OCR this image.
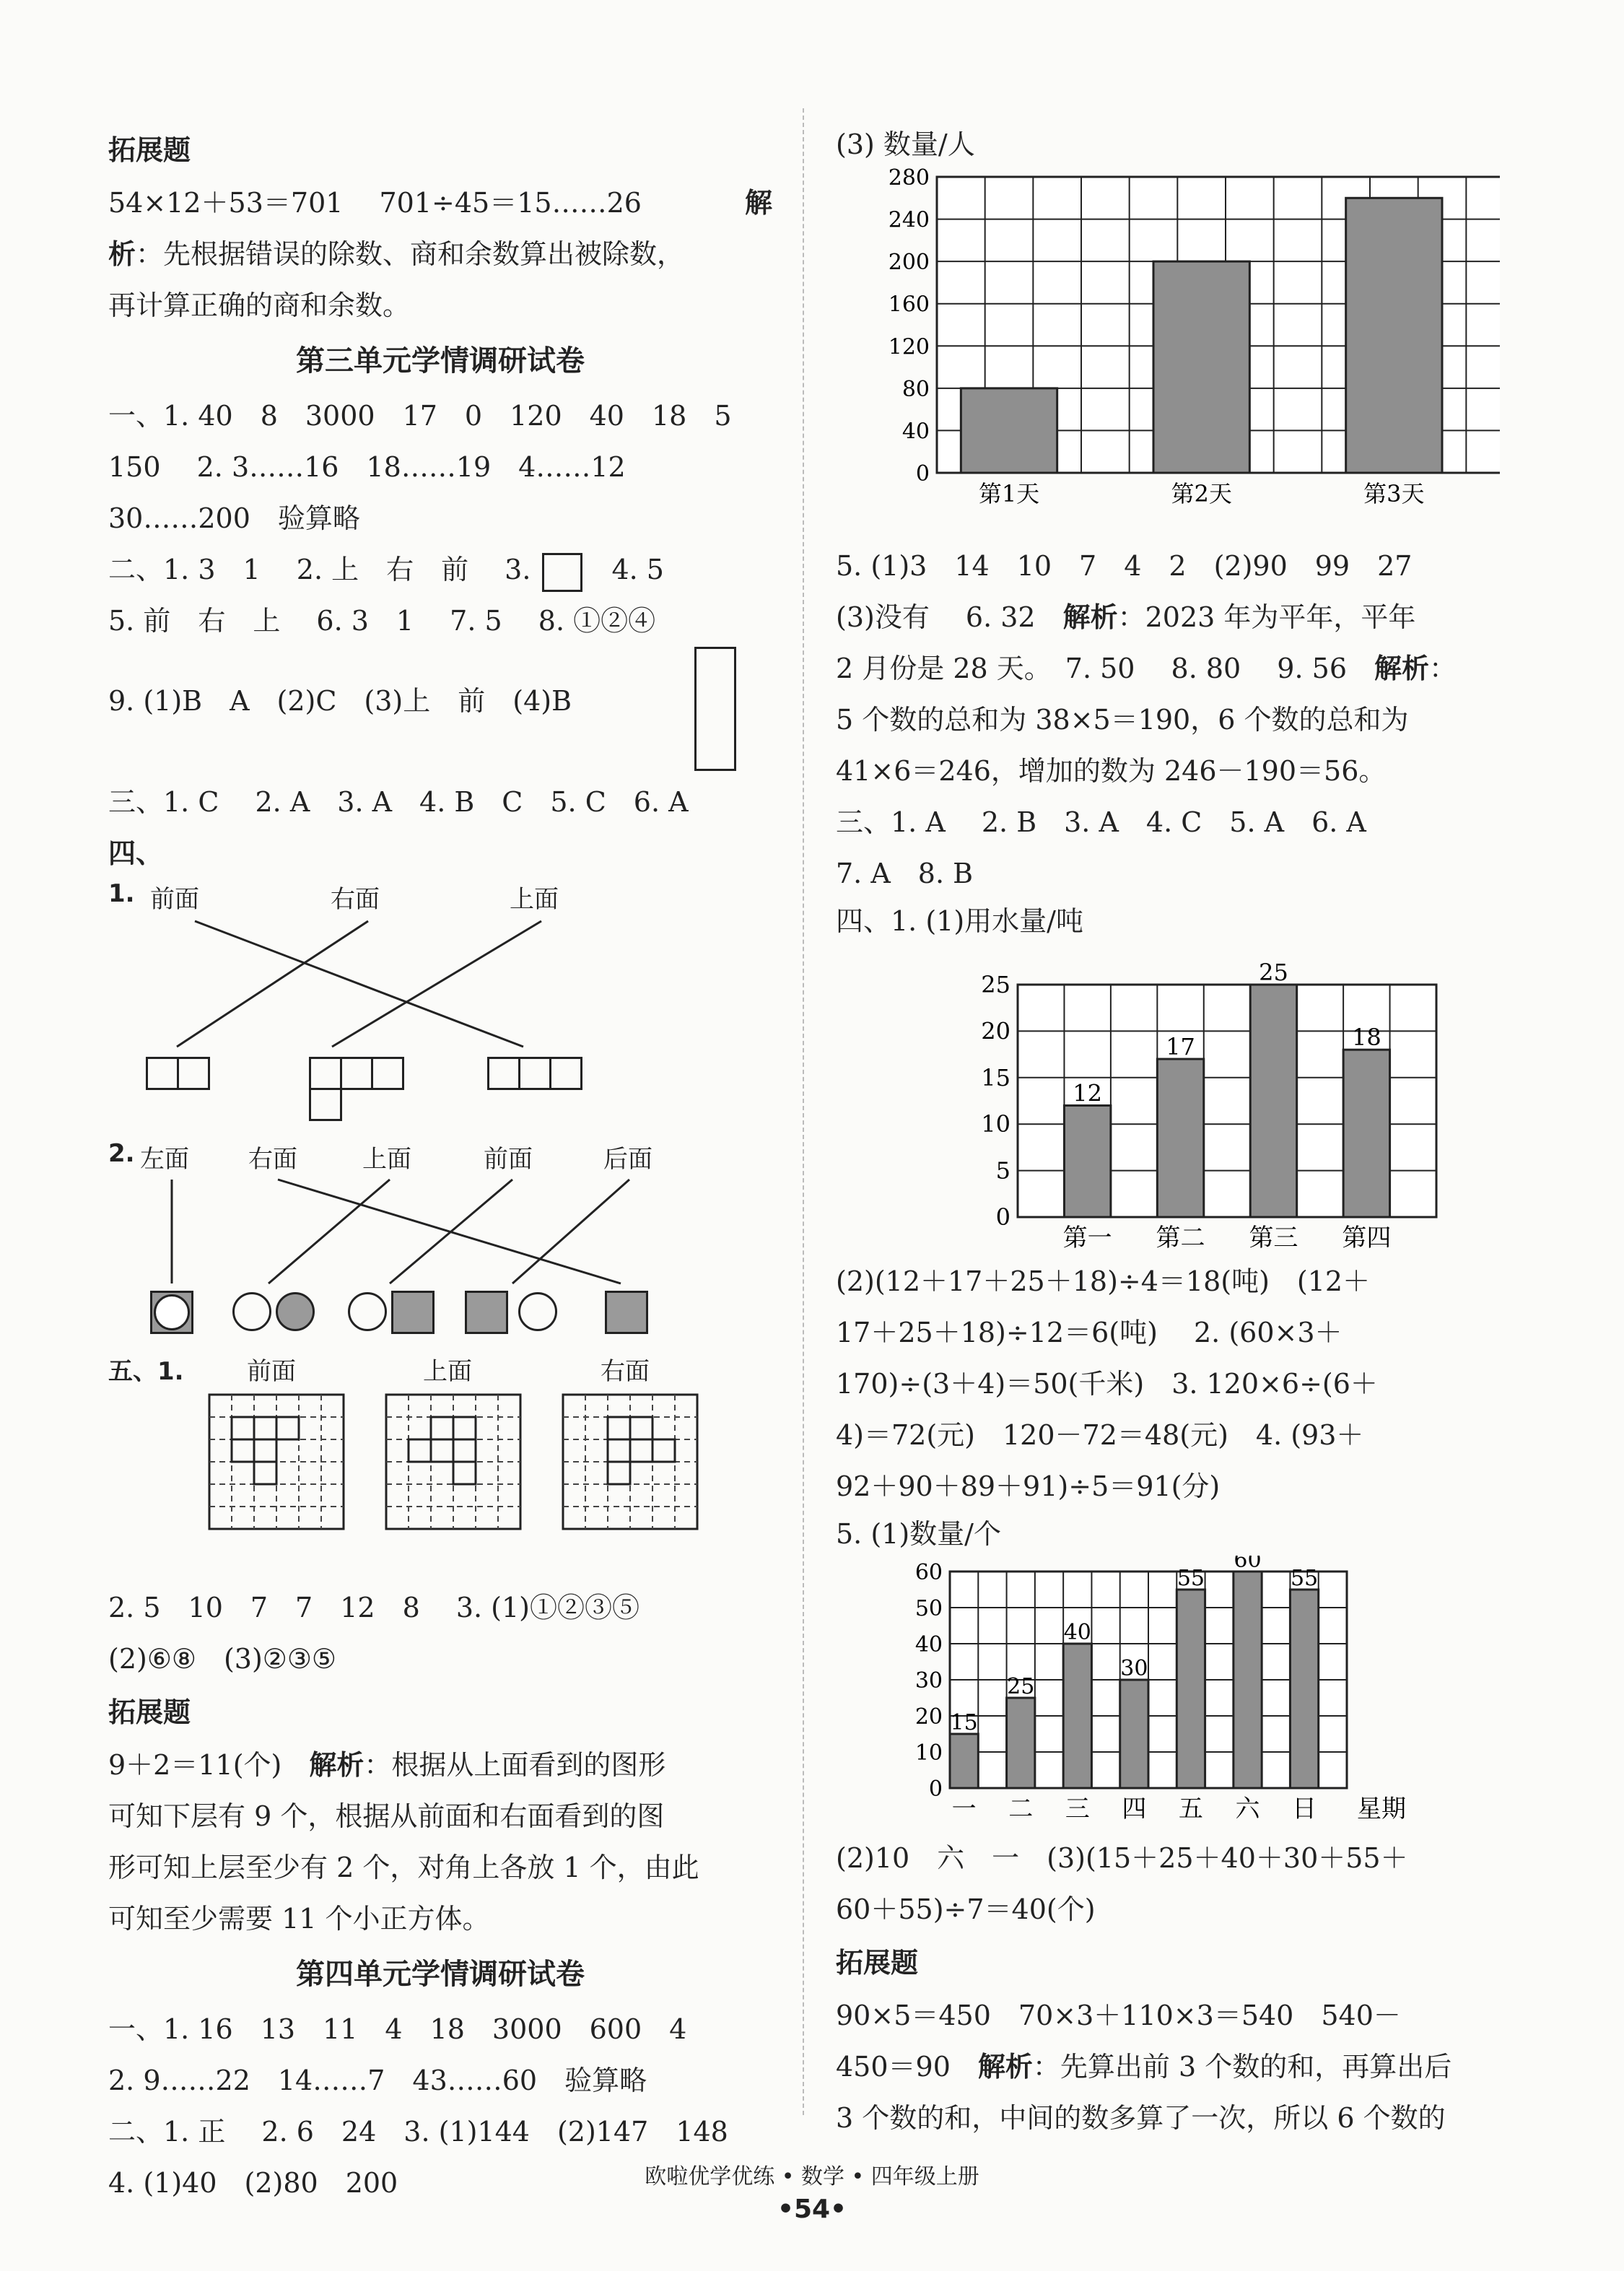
拓展题
54×12＋53＝701　 701÷45＝15……26	解
析：先根据错误的除数、商和余数算出被除数，
再计算正确的商和余数。
第三单元学情调研试卷
一、1. 40　8　3000　17　0　120　40　18　5
150　 2. 3……16　18……19　4……12
30……200　验算略
二、1. 3　1　 2. 上　右　前　 3.	4. 5
5. 前　右　上　 6. 3　1　 7. 5　 8. ①②④
9. (1)B　A　(2)C　(3)上　前　(4)B
三、1. C　 2. A　3. A　4. B　C　5. C　6. A
四、
1. 前面	右面	上面
2. 左面 右面	上面	前面	后面
五、1.	前面	上面	右面
2. 5　10　7　7　12　8　 3. (1)①②③⑤
(2)⑥⑧　(3)②③⑤
拓展题
9＋2＝11(个)　解析：根据从上面看到的图形
可知下层有 9 个，根据从前面和右面看到的图
形可知上层至少有 2 个，对角上各放 1 个，由此
可知至少需要 11 个小正方体。
第四单元学情调研试卷
一、1. 16　13　11　4　18　3000　600　4
2. 9……22　14……7　43……60　验算略
二、1. 正　 2. 6　24　3. (1)144　(2)147　148
4. (1)40　(2)80　200
(3) 数量/人
0
40
80
120
160
200
240
280
第1天	第2天	第3天
5. (1)3　14　10　7　4　2　(2)90　99　27
(3)没有　 6. 32　解析：2023 年为平年，平年
2 月份是 28 天。　7. 50　 8. 80　 9. 56　解析：
5 个数的总和为 38×5＝190，6 个数的总和为
41×6＝246，增加的数为 246－190＝56。
三、1. A　 2. B　3. A　4. C　5. A　6. A
7. A　8. B
四、1. (1)用水量/吨
0
5
10
15
20
25
12
第一
17
第二
25
第三
18
第四
(2)(12＋17＋25＋18)÷4＝18(吨)　(12＋
17＋25＋18)÷12＝6(吨)　 2. (60×3＋
170)÷(3＋4)＝50(千米)　3. 120×6÷(6＋
4)＝72(元)　120－72＝48(元)　4. (93＋
92＋90＋89＋91)÷5＝91(分)
5. (1)数量/个
0
10
20
30
40
50
60
15
一
25
二
40
三
30
四
55
五
60
六
55
日 星期
(2)10　六　一　(3)(15＋25＋40＋30＋55＋
60＋55)÷7＝40(个)
拓展题
90×5＝450　70×3＋110×3＝540　540－
450＝90　解析：先算出前 3 个数的和，再算出后
3 个数的和，中间的数多算了一次，所以 6 个数的
欧啦优学优练 • 数学 • 四年级上册
•54•
